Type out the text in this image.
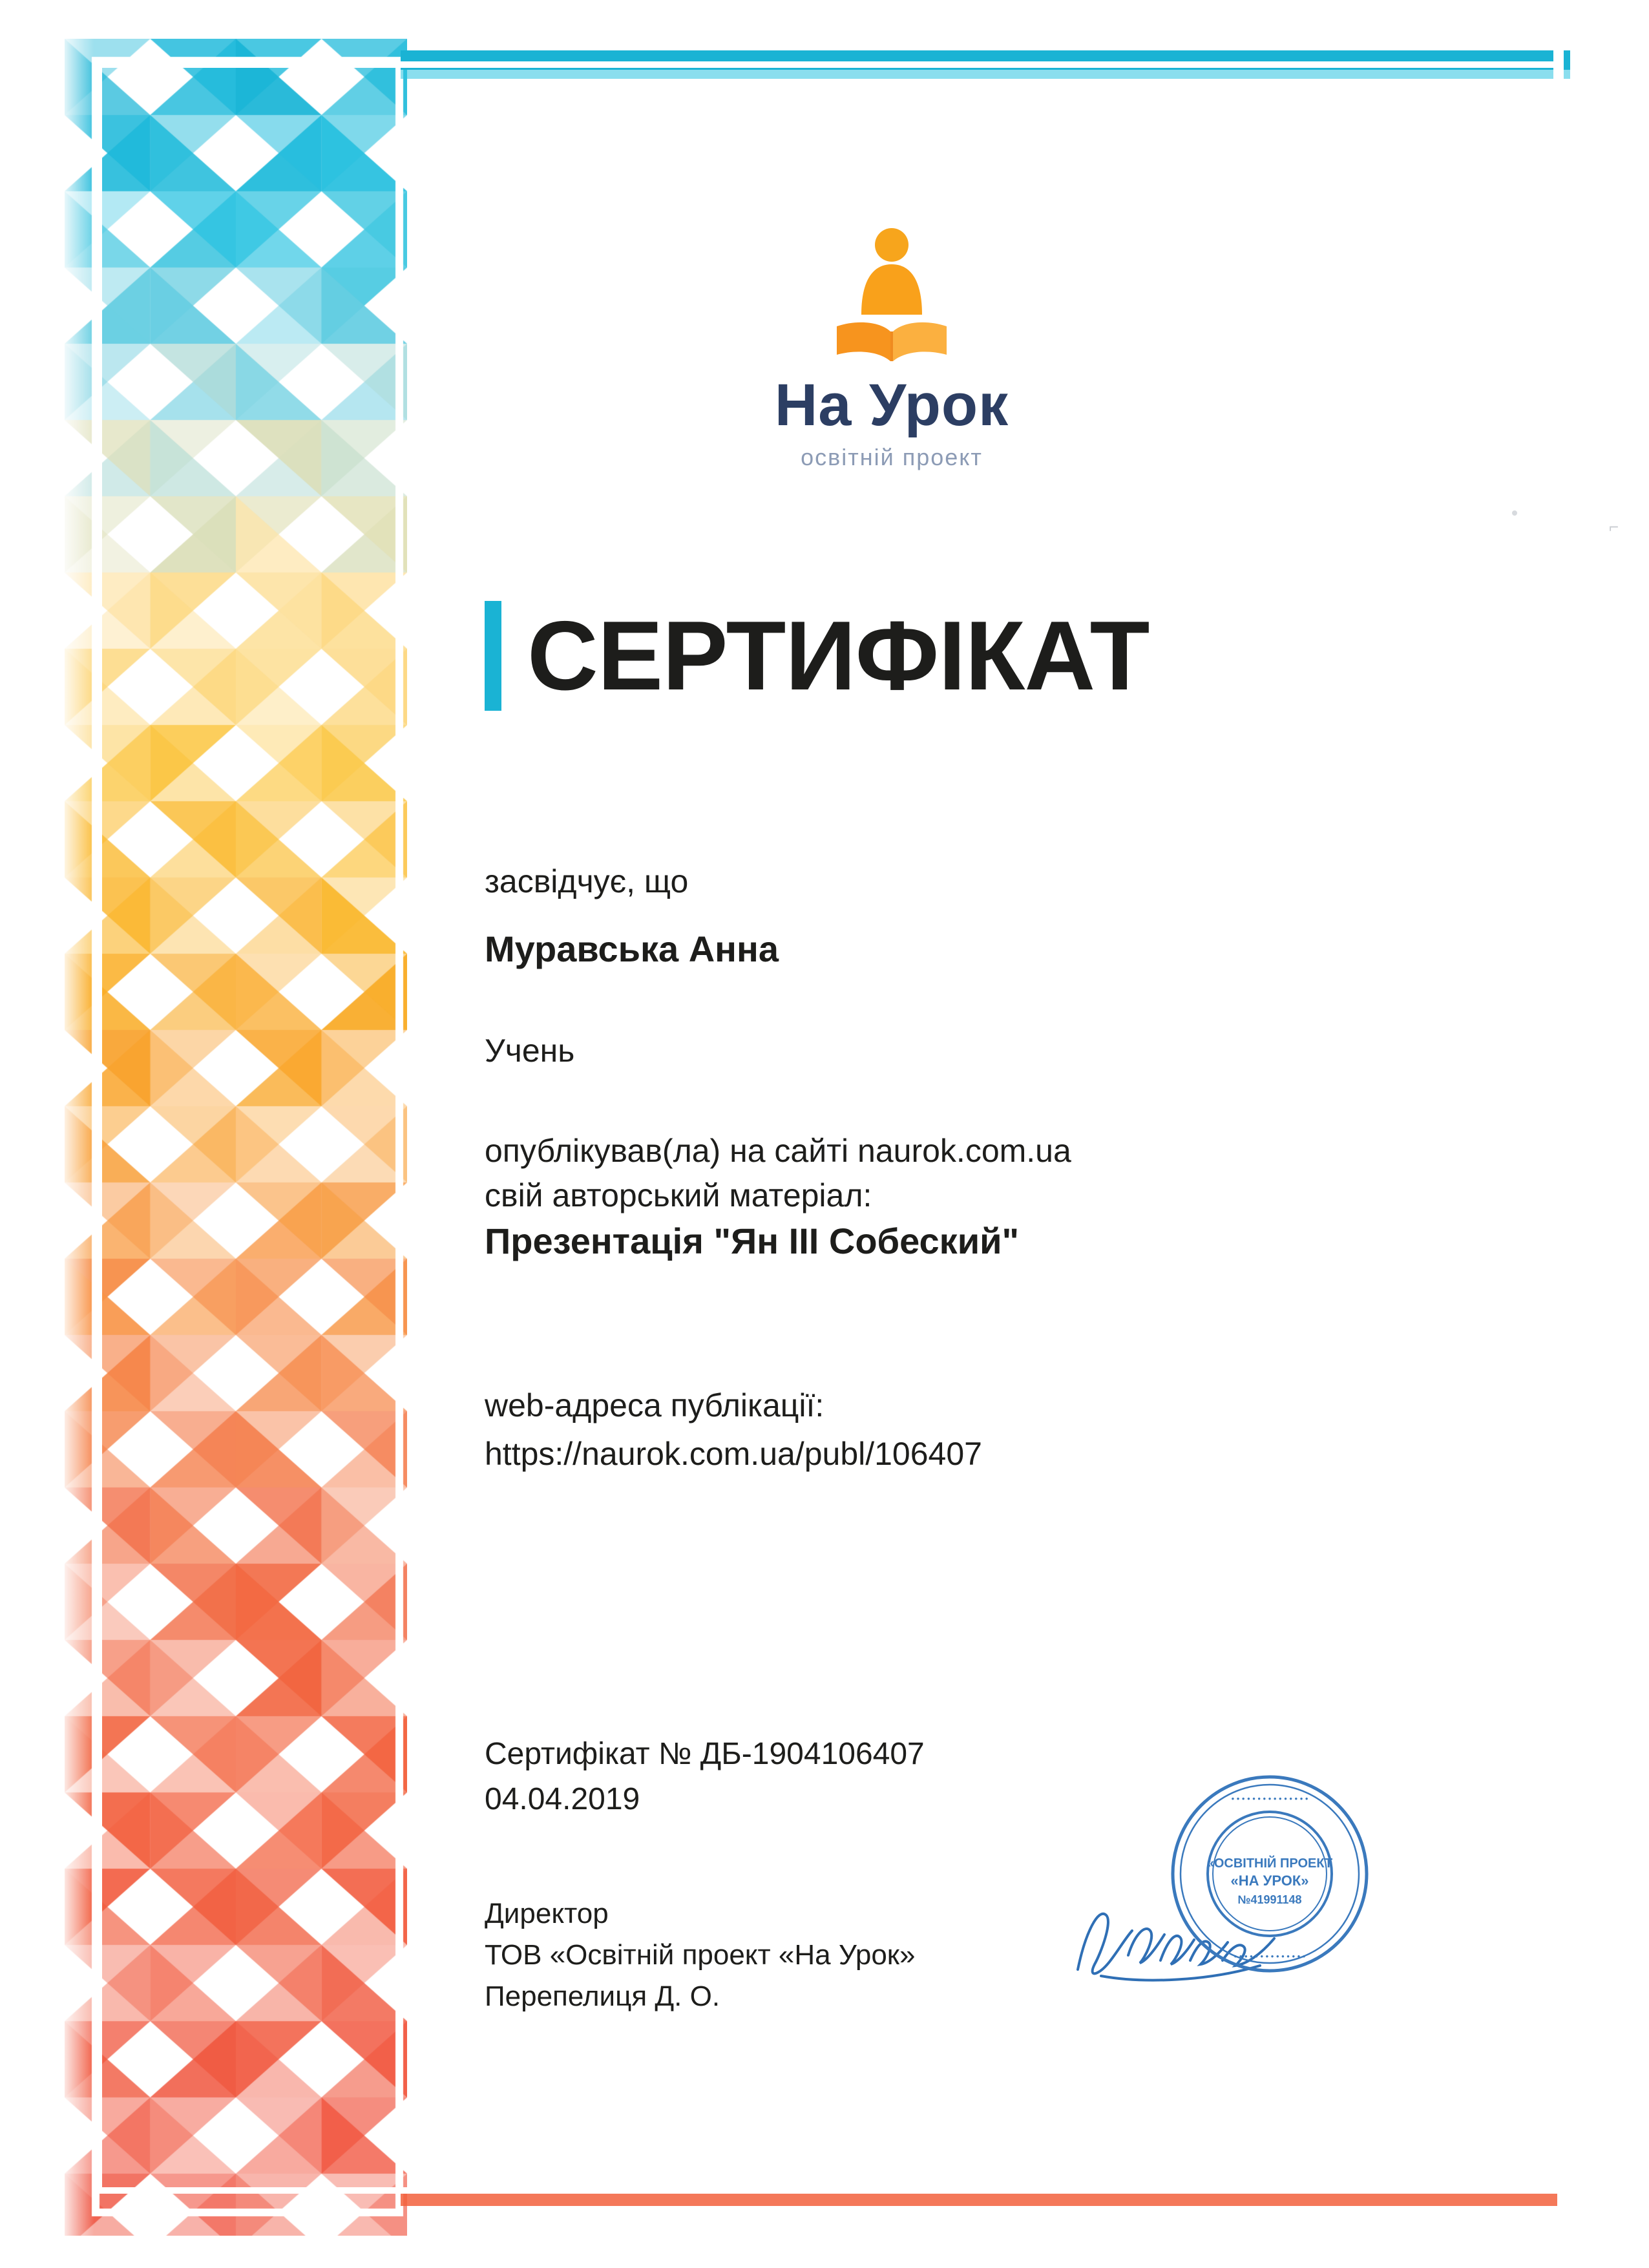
На Урок
освітній проект
СЕРТИФІКАТ
засвідчує, що
Муравська Анна
Учень
опублікував(ла) на сайті naurok.com.ua
свій авторський матеріал:
Презентація "Ян III Собеский"
web-адреса публікації:
https://naurok.com.ua/publ/106407
Сертифікат № ДБ-1904106407
04.04.2019
Директор
ТОВ «Освітній проект «На Урок»
Перепелиця Д. О.
«ОСВІТНІЙ ПРОЕКТ
«НА УРОК»
№41991148
• • • • • • • • • • • • • • •
• • • • • • • • • • • • • •
⌐
